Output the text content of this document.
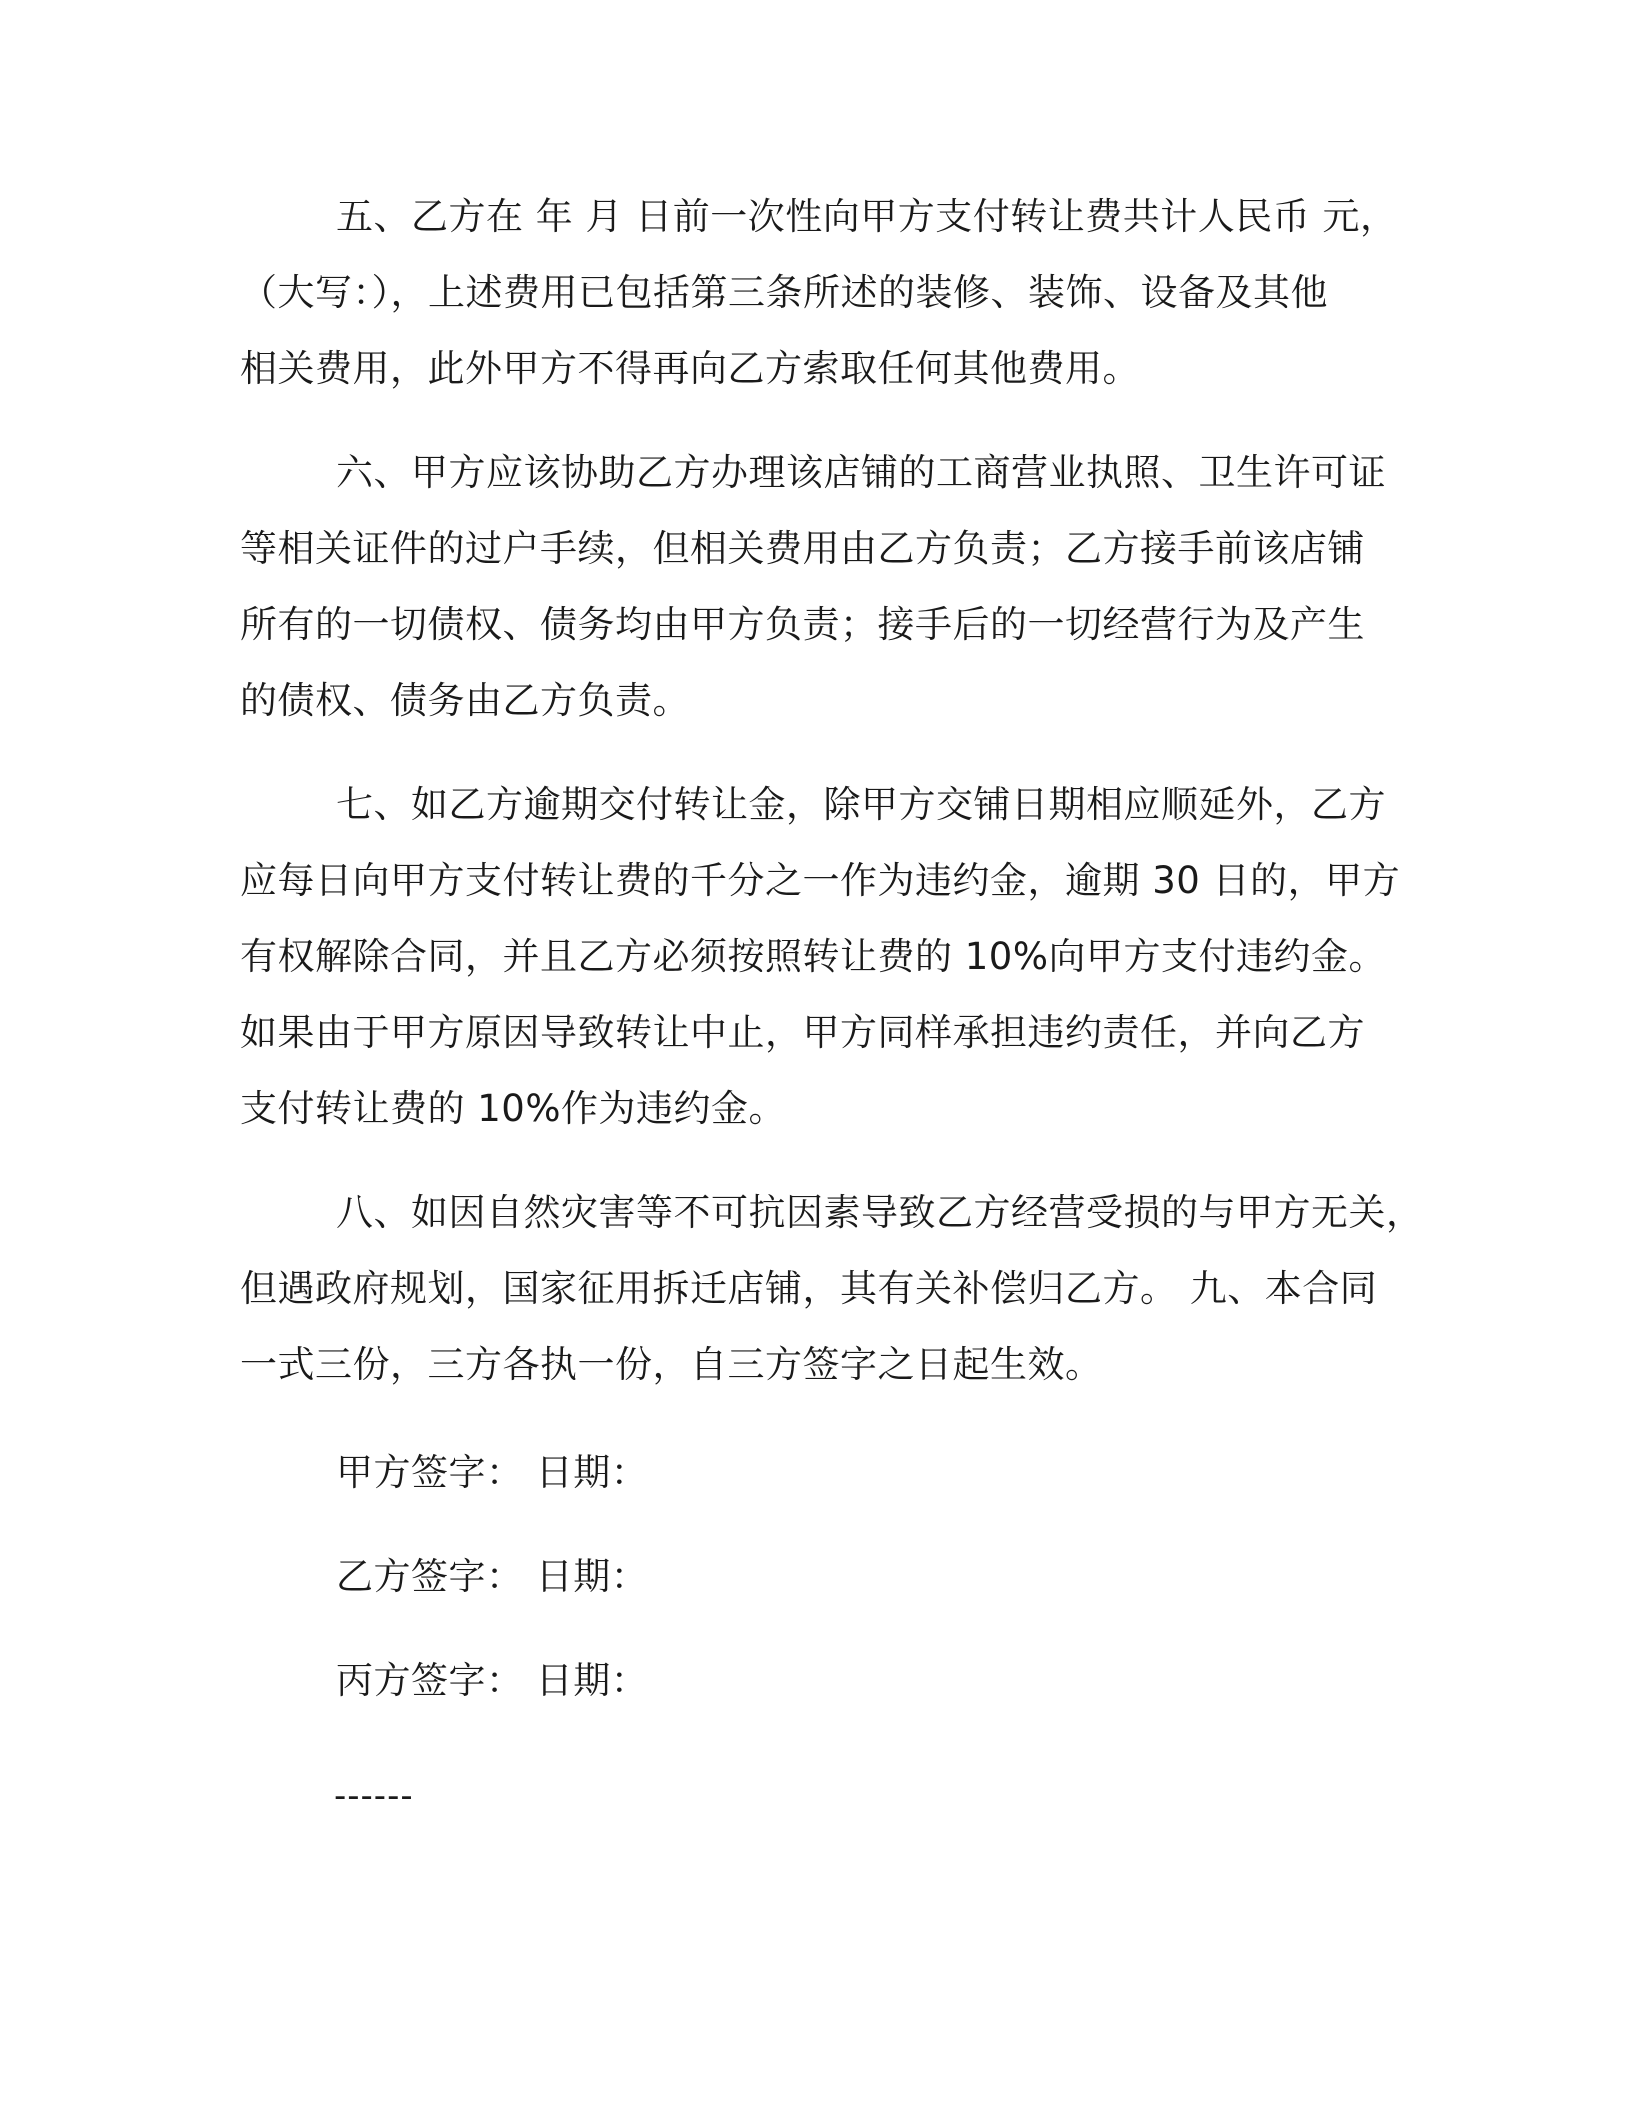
五、乙方在 年 月 日前一次性向甲方支付转让费共计人民币 元，
（大写：），上述费用已包括第三条所述的装修、装饰、设备及其他
相关费用，此外甲方不得再向乙方索取任何其他费用。
六、甲方应该协助乙方办理该店铺的工商营业执照、卫生许可证
等相关证件的过户手续，但相关费用由乙方负责；乙方接手前该店铺
所有的一切债权、债务均由甲方负责；接手后的一切经营行为及产生
的债权、债务由乙方负责。
七、如乙方逾期交付转让金，除甲方交铺日期相应顺延外，乙方
应每日向甲方支付转让费的千分之一作为违约金，逾期 30 日的，甲方
有权解除合同，并且乙方必须按照转让费的 10%向甲方支付违约金。
如果由于甲方原因导致转让中止，甲方同样承担违约责任，并向乙方
支付转让费的 10%作为违约金。
八、如因自然灾害等不可抗因素导致乙方经营受损的与甲方无关，
但遇政府规划，国家征用拆迁店铺，其有关补偿归乙方。 九、本合同
一式三份，三方各执一份，自三方签字之日起生效。
甲方签字： 日期：
乙方签字： 日期：
丙方签字： 日期：
------
